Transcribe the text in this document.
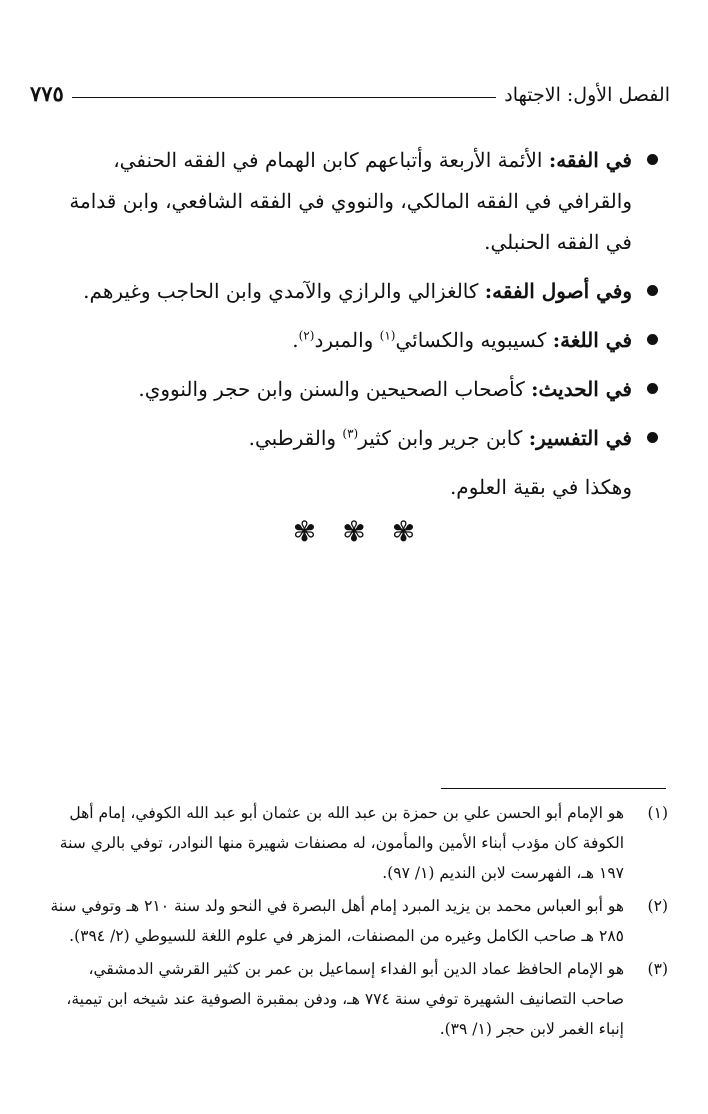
الفصل الأول: الاجتهاد
٧٧٥
في الفقه: الأئمة الأربعة وأتباعهم كابن الهمام في الفقه الحنفي، والقرافي في الفقه المالكي، والنووي في الفقه الشافعي، وابن قدامة في الفقه الحنبلي.
وفي أصول الفقه: كالغزالي والرازي والآمدي وابن الحاجب وغيرهم.
في اللغة: كسيبويه والكسائي$^{(١)}$ والمبرد$^{(٢)}$.
في الحديث: كأصحاب الصحيحين والسنن وابن حجر والنووي.
في التفسير: كابن جرير وابن كثير$^{(٣)}$ والقرطبي.
وهكذا في بقية العلوم.
✾✾✾
(١)
هو الإمام أبو الحسن علي بن حمزة بن عبد الله بن عثمان أبو عبد الله الكوفي، إمام أهل الكوفة كان مؤدب أبناء الأمين والمأمون، له مصنفات شهيرة منها النوادر، توفي بالري سنة ١٩٧ هـ، الفهرست لابن النديم (١/ ٩٧).
(٢)
هو أبو العباس محمد بن يزيد المبرد إمام أهل البصرة في النحو ولد سنة ٢١٠ هـ وتوفي سنة ٢٨٥ هـ صاحب الكامل وغيره من المصنفات، المزهر في علوم اللغة للسيوطي (٢/ ٣٩٤).
(٣)
هو الإمام الحافظ عماد الدين أبو الفداء إسماعيل بن عمر بن كثير القرشي الدمشقي، صاحب التصانيف الشهيرة توفي سنة ٧٧٤ هـ، ودفن بمقبرة الصوفية عند شيخه ابن تيمية، إنباء الغمر لابن حجر (١/ ٣٩).
